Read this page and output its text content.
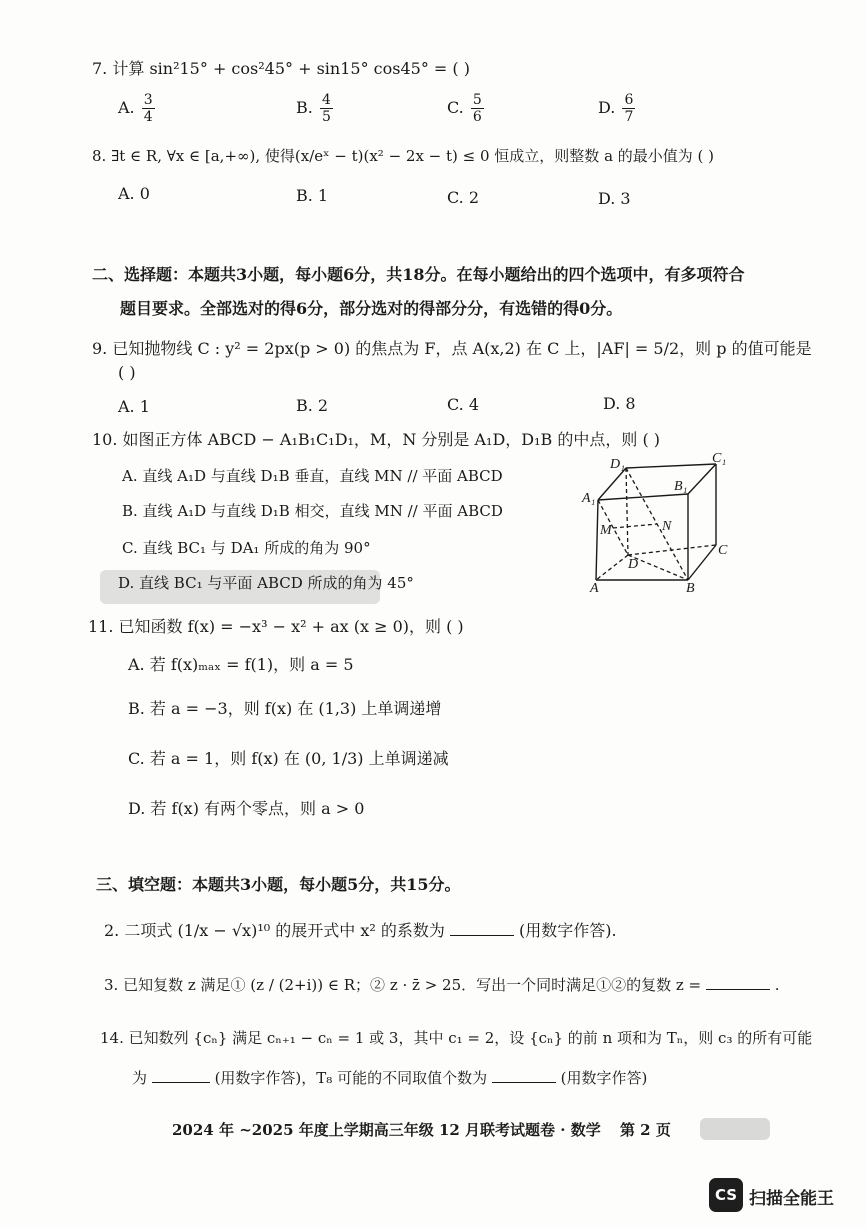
7. 计算 sin²15° + cos²45° + sin15° cos45° = ( )
A. $\frac{3}{4}$	B. $\frac{4}{5}$	C. $\frac{5}{6}$	D. $\frac{6}{7}$
8. ∃t ∈ R, ∀x ∈ [a,+∞), 使得(x/eˣ − t)(x² − 2x − t) ≤ 0 恒成立，则整数 a 的最小值为 ( )
A. 0	B. 1	C. 2	D. 3
二、选择题：本题共3小题，每小题6分，共18分。在每小题给出的四个选项中，有多项符合
题目要求。全部选对的得6分，部分选对的得部分分，有选错的得0分。
9. 已知抛物线 C : y² = 2px(p > 0) 的焦点为 F，点 A(x,2) 在 C 上，|AF| = 5/2，则 p 的值可能是
( )
A. 1	B. 2	C. 4	D. 8
10. 如图正方体 ABCD − A₁B₁C₁D₁，M，N 分别是 A₁D，D₁B 的中点，则 ( )
A. 直线 A₁D 与直线 D₁B 垂直，直线 MN // 平面 ABCD
B. 直线 A₁D 与直线 D₁B 相交，直线 MN // 平面 ABCD
C. 直线 BC₁ 与 DA₁ 所成的角为 90°
D. 直线 BC₁ 与平面 ABCD 所成的角为 45°
D₁	C₁
B₁
A₁
M	N
D
C
A	B
11. 已知函数 f(x) = −x³ − x² + ax (x ≥ 0)，则 ( )
A. 若 f(x)ₘₐₓ = f(1)，则 a = 5
B. 若 a = −3，则 f(x) 在 (1,3) 上单调递增
C. 若 a = 1，则 f(x) 在 (0, 1/3) 上单调递减
D. 若 f(x) 有两个零点，则 a > 0
三、填空题：本题共3小题，每小题5分，共15分。
2. 二项式 (1/x − √x)¹⁰ 的展开式中 x² 的系数为	(用数字作答).
3. 已知复数 z 满足① (z / (2+i)) ∈ R；② z · z̄ > 25．写出一个同时满足①②的复数 z =	.
14. 已知数列 {cₙ} 满足 cₙ₊₁ − cₙ = 1 或 3，其中 c₁ = 2，设 {cₙ} 的前 n 项和为 Tₙ，则 c₃ 的所有可能
为	(用数字作答)，T₈ 可能的不同取值个数为	(用数字作答)
2024 年 ~2025 年度上学期高三年级 12 月联考试题卷 · 数学 第 2 页
CS 扫描全能王
